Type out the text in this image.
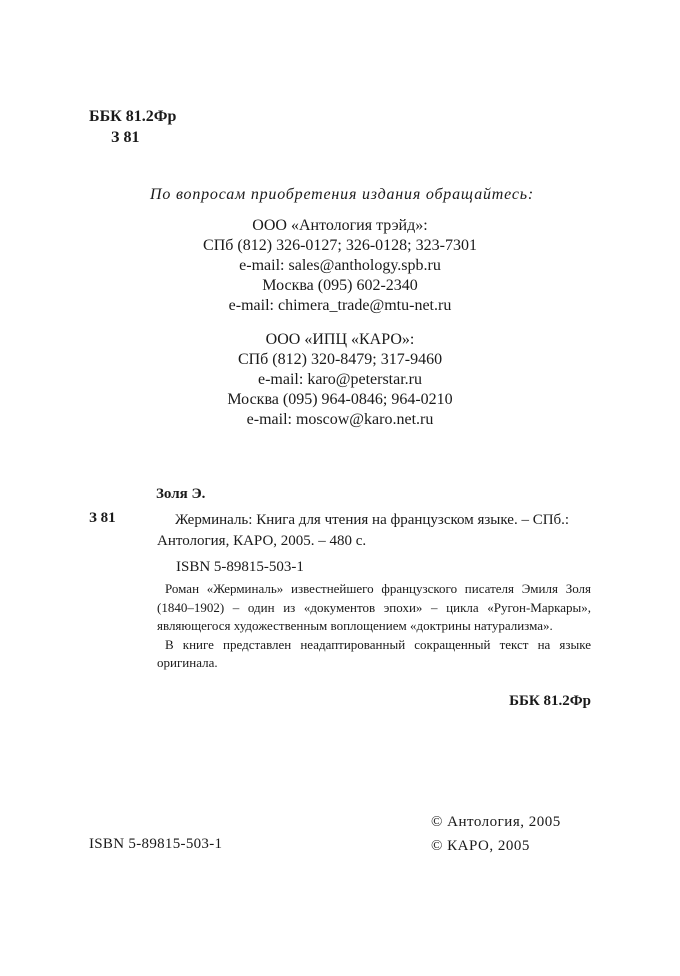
ББК 81.2Фр
З 81
По вопросам приобретения издания обращайтесь:
ООО «Антология трэйд»:
СПб (812) 326-0127; 326-0128; 323-7301
e-mail: sales@anthology.spb.ru
Москва (095) 602-2340
e-mail: chimera_trade@mtu-net.ru
ООО «ИПЦ «КАРО»:
СПб (812) 320-8479; 317-9460
e-mail: karo@peterstar.ru
Москва (095) 964-0846; 964-0210
e-mail: moscow@karo.net.ru
Золя Э.
З 81	Жерминаль: Книга для чтения на французском языке. – СПб.: Антология, КАРО, 2005. – 480 с.
ISBN 5-89815-503-1

Роман «Жерминаль» известнейшего французского писателя Эмиля Золя (1840–1902) – один из «документов эпохи» – цикла «Ругон-Маркары», являющегося художественным воплощением «доктрины натурализма».

В книге представлен неадаптированный сокращенный текст на языке оригинала.

ББК 81.2Фр
© Антология, 2005
© КАРО, 2005
ISBN 5-89815-503-1
